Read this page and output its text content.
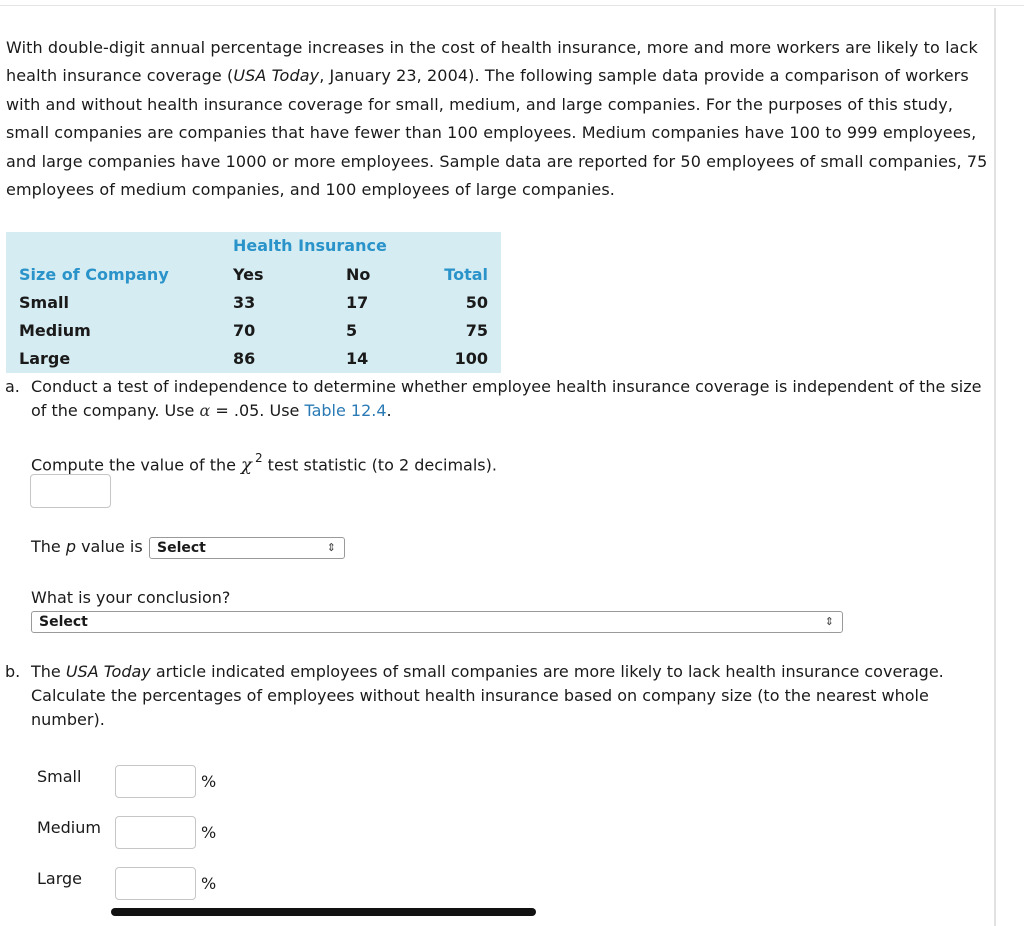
With double-digit annual percentage increases in the cost of health insurance, more and more workers are likely to lack health insurance coverage (USA Today, January 23, 2004). The following sample data provide a comparison of workers with and without health insurance coverage for small, medium, and large companies. For the purposes of this study, small companies are companies that have fewer than 100 employees. Medium companies have 100 to 999 employees, and large companies have 1000 or more employees. Sample data are reported for 50 employees of small companies, 75 employees of medium companies, and 100 employees of large companies.
Health Insurance
Size of Company	Yes	No	Total
Small	33	17	50
Medium	70	5	75
Large	86	14	100
a. Conduct a test of independence to determine whether employee health insurance coverage is independent of the size
of the company. Use α = .05. Use Table 12.4.
Compute the value of the χ $^2$ test statistic (to 2 decimals).
The p value is	Select	⇕
What is your conclusion?
Select	⇕
b. The USA Today article indicated employees of small companies are more likely to lack health insurance coverage.
Calculate the percentages of employees without health insurance based on company size (to the nearest whole
number).
Small	%
Medium	%
Large	%
